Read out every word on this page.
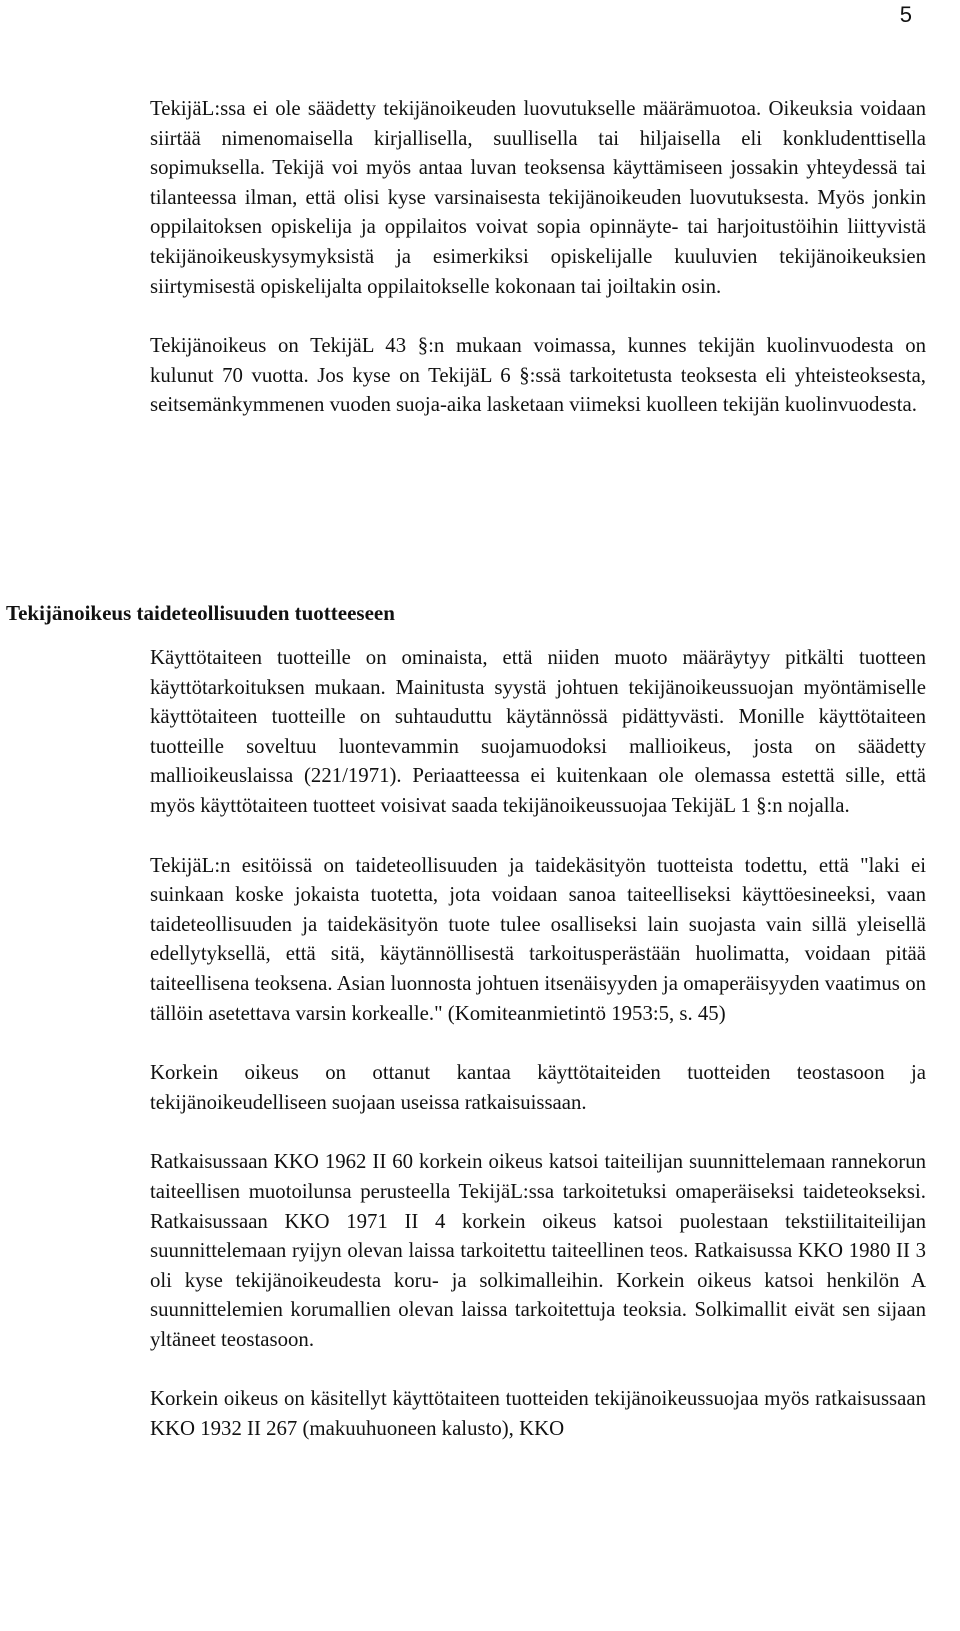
5

TekijäL:ssa ei ole säädetty tekijänoikeuden luovutukselle määrämuotoa. Oikeuksia voidaan siirtää nimenomaisella kirjallisella, suullisella tai hiljaisella eli konkludenttisella sopimuksella. Tekijä voi myös antaa luvan teoksensa käyttämiseen jossakin yhteydessä tai tilanteessa ilman, että olisi kyse varsinaisesta tekijänoikeuden luovutuksesta. Myös jonkin oppilaitoksen opiskelija ja oppilaitos voivat sopia opinnäyte- tai harjoitustöihin liittyvistä tekijänoikeuskysymyksistä ja esimerkiksi opiskelijalle kuuluvien tekijänoikeuksien siirtymisestä opiskelijalta oppilaitokselle kokonaan tai joiltakin osin.

Tekijänoikeus on TekijäL 43 §:n mukaan voimassa, kunnes tekijän kuolinvuodesta on kulunut 70 vuotta. Jos kyse on TekijäL 6 §:ssä tarkoitetusta teoksesta eli yhteisteoksesta, seitsemänkymmenen vuoden suoja-aika lasketaan viimeksi kuolleen tekijän kuolinvuodesta.

Tekijänoikeus taideteollisuuden tuotteeseen

Käyttötaiteen tuotteille on ominaista, että niiden muoto määräytyy pitkälti tuotteen käyttötarkoituksen mukaan. Mainitusta syystä johtuen tekijänoikeussuojan myöntämiselle käyttötaiteen tuotteille on suhtauduttu käytännössä pidättyvästi. Monille käyttötaiteen tuotteille soveltuu luontevammin suojamuodoksi mallioikeus, josta on säädetty mallioikeuslaissa (221/1971). Periaatteessa ei kuitenkaan ole olemassa estettä sille, että myös käyttötaiteen tuotteet voisivat saada tekijänoikeussuojaa TekijäL 1 §:n nojalla.

TekijäL:n esitöissä on taideteollisuuden ja taidekäsityön tuotteista todettu, että "laki ei suinkaan koske jokaista tuotetta, jota voidaan sanoa taiteelliseksi käyttöesineeksi, vaan taideteollisuuden ja taidekäsityön tuote tulee osalliseksi lain suojasta vain sillä yleisellä edellytyksellä, että sitä, käytännöllisestä tarkoitusperästään huolimatta, voidaan pitää taiteellisena teoksena. Asian luonnosta johtuen itsenäisyyden ja omaperäisyyden vaatimus on tällöin asetettava varsin korkealle." (Komiteanmietintö 1953:5, s. 45)

Korkein oikeus on ottanut kantaa käyttötaiteiden tuotteiden teostasoon ja tekijänoikeudelliseen suojaan useissa ratkaisuissaan.

Ratkaisussaan KKO 1962 II 60 korkein oikeus katsoi taiteilijan suunnittelemaan rannekorun taiteellisen muotoilunsa perusteella TekijäL:ssa tarkoitetuksi omaperäiseksi taideteokseksi. Ratkaisussaan KKO 1971 II 4 korkein oikeus katsoi puolestaan tekstiilitaiteilijan suunnittelemaan ryijyn olevan laissa tarkoitettu taiteellinen teos. Ratkaisussa KKO 1980 II 3 oli kyse tekijänoikeudesta koru- ja solkimalleihin. Korkein oikeus katsoi henkilön A suunnittelemien korumallien olevan laissa tarkoitettuja teoksia. Solkimallit eivät sen sijaan yltäneet teostasoon.

Korkein oikeus on käsitellyt käyttötaiteen tuotteiden tekijänoikeussuojaa myös ratkaisussaan KKO 1932 II 267 (makuuhuoneen kalusto), KKO
